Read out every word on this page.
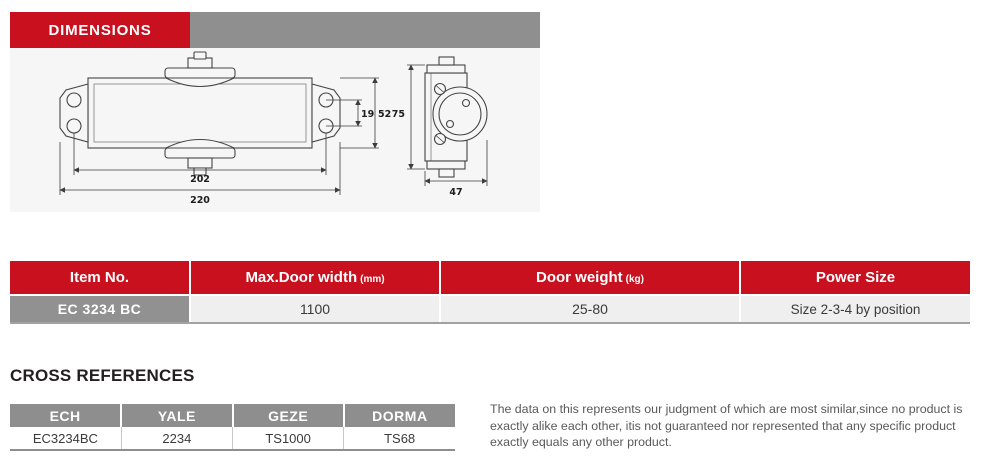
DIMENSIONS
19 52
202
220
75
47
Item No.	Max.Door width (mm)	Door weight (kg)	Power Size
EC 3234 BC	1100	25-80	Size 2-3-4 by position
CROSS REFERENCES
ECH	YALE	GEZE	DORMA
EC3234BC	2234	TS1000	TS68
The data on this represents our judgment of which are most similar,since no product is exactly alike each other, itis not guaranteed nor represented that any specific product exactly equals any other product.
